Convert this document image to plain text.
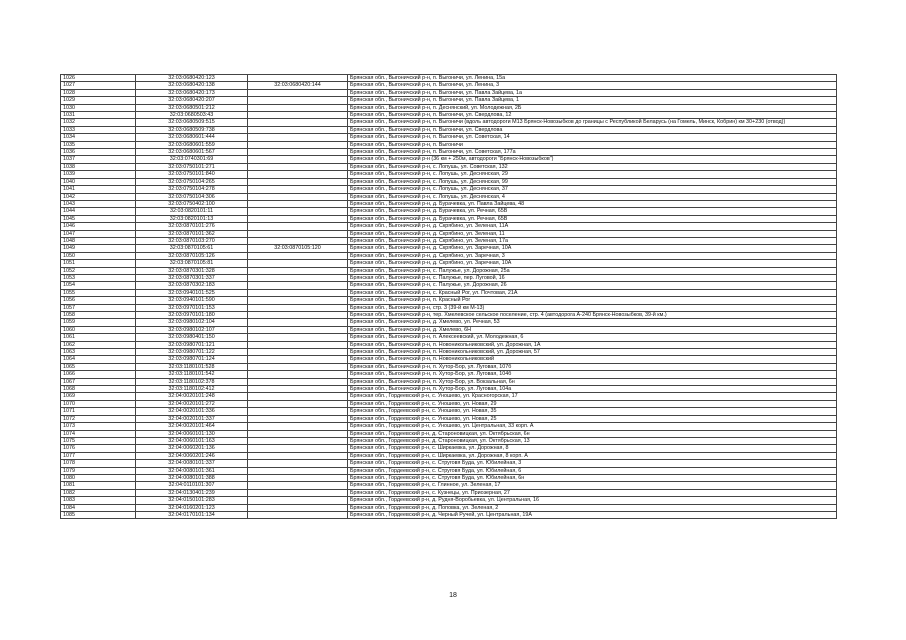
1026	32:03:0680420:123		Брянская обл., Выгоничский р-н, п. Выгоничи, ул. Ленина, 15а
1027	32:03:0680420:138	32:03:0680420:144	Брянская обл., Выгоничский р-н, п. Выгоничи, ул. Ленина, 3
1028	32:03:0680420:173		Брянская обл., Выгоничский р-н, п. Выгоничи, ул. Павла Зайцева, 1а
1029	32:03:0680420:207		Брянская обл., Выгоничский р-н, п. Выгоничи, ул. Павла Зайцева, 1
1030	32:03:0680501:212		Брянская обл., Выгоничский р-н, п. Деснянский, ул. Молодежная, 2Б
1031	32:03:0680503:43		Брянская обл., Выгоничский р-н, п. Выгоничи, ул. Свердлова, 12
1032	32:03:0680509:515		Брянская обл., Выгоничский р-н, п. Выгоничи (вдоль автодороги М13 Брянск-Новозыбков до границы с Республикой Беларусь (на Гомель, Минск, Кобрин) км 30+230 (отвод))
1033	32:03:0680509:738		Брянская обл., Выгоничский р-н, п. Выгоничи, ул. Свердлова
1034	32:03:0680601:444		Брянская обл., Выгоничский р-н, п. Выгоничи, ул. Советская, 14
1035	32:03:0680601:559		Брянская обл., Выгоничский р-н, п. Выгоничи
1036	32:03:0680601:567		Брянская обл., Выгоничский р-н, п. Выгоничи, ул. Советская, 177а
1037	32:03:0740301:69		Брянская обл., Выгоничский р-н (36 км + 250м, автодороги "Брянск-Новозыбков")
1038	32:03:0750101:271		Брянская обл., Выгоничский р-н, с. Лопушь, ул. Советская, 132
1039	32:03:0750101:840		Брянская обл., Выгоничский р-н, с. Лопушь, ул. Деснянская, 29
1040	32:03:0750104:265		Брянская обл., Выгоничский р-н, с. Лопушь, ул. Деснянская, 99
1041	32:03:0750104:278		Брянская обл., Выгоничский р-н, с. Лопушь, ул. Деснянская, 37
1042	32:03:0750104:306		Брянская обл., Выгоничский р-н, с. Лопушь, ул. Деснянская, 4
1043	32:03:0750402:100		Брянская обл., Выгоничский р-н, д. Бурачевка, ул. Павла Зайцева, 48
1044	32:03:0820101:11		Брянская обл., Выгоничский р-н, д. Бурачевка, ул. Речная, 65В
1045	32:03:0820101:13		Брянская обл., Выгоничский р-н, д. Бурачевка, ул. Речная, 65В
1046	32:03:0870101:276		Брянская обл., Выгоничский р-н, д. Скрябино, ул. Зеленая, 11А
1047	32:03:0870101:362		Брянская обл., Выгоничский р-н, д. Скрябино, ул. Зеленая, 11
1048	32:03:0870103:270		Брянская обл., Выгоничский р-н, д. Скрябино, ул. Зеленая, 17а
1049	32:03:0870105:61	32:03:0870105:120	Брянская обл., Выгоничский р-н, д. Скрябино, ул. Заречная, 10А
1050	32:03:0870105:126		Брянская обл., Выгоничский р-н, д. Скрябино, ул. Заречная, 3
1051	32:03:0870105:81		Брянская обл., Выгоничский р-н, д. Скрябино, ул. Заречная, 10А
1052	32:03:0870301:328		Брянская обл., Выгоничский р-н, с. Палужье, ул. Дорожная, 25а
1053	32:03:0870301:337		Брянская обл., Выгоничский р-н, с. Палужье, пер. Луговой, 16
1054	32:03:0870302:183		Брянская обл., Выгоничский р-н, с. Палужье, ул. Дорожная, 26
1055	32:03:0940101:525		Брянская обл., Выгоничский р-н, с. Красный Рог, ул. Почтовая, 21А
1056	32:03:0940101:590		Брянская обл., Выгоничский р-н, п. Красный Рог
1057	32:03:0970101:153		Брянская обл., Выгоничский р-н, стр. 3 (39-й км М-13)
1058	32:03:0970101:180		Брянская обл., Выгоничский р-н, тер. Хмелевское сельское поселение, стр. 4 (автодорога А-240 Брянск-Новозыбков, 39-й км.)
1059	32:03:0980102:104		Брянская обл., Выгоничский р-н, д. Хмелево, ул. Речная, 53
1060	32:03:0980102:107		Брянская обл., Выгоничский р-н, д. Хмелево, 6Н
1061	32:03:0980401:150		Брянская обл., Выгоничский р-н, п. Алексеевский, ул. Молодежная, 6
1062	32:03:0980701:121		Брянская обл., Выгоничский р-н, п. Новоникольниковский, ул. Дорожная, 1А
1063	32:03:0980701:122		Брянская обл., Выгоничский р-н, п. Новоникольниковский, ул. Дорожная, 57
1064	32:03:0980701:124		Брянская обл., Выгоничский р-н, п. Новоникольниковский
1065	32:03:1180101:528		Брянская обл., Выгоничский р-н, п. Хутор-Бор, ул. Луговая, 107б
1066	32:03:1180101:542		Брянская обл., Выгоничский р-н, п. Хутор-Бор, ул. Луговая, 104б
1067	32:03:1180102:378		Брянская обл., Выгоничский р-н, п. Хутор-Бор, ул. Вокзальная, 6н
1068	32:03:1180102:412		Брянская обл., Выгоничский р-н, п. Хутор-Бор, ул. Луговая, 104а
1069	32:04:0020101:248		Брянская обл., Гордеевский р-н, с. Уношево, ул. Красногорская, 17
1070	32:04:0020101:272		Брянская обл., Гордеевский р-н, с. Уношево, ул. Новая, 29
1071	32:04:0020101:336		Брянская обл., Гордеевский р-н, с. Уношево, ул. Новая, 35
1072	32:04:0020101:337		Брянская обл., Гордеевский р-н, с. Уношево, ул. Новая, 25
1073	32:04:0020101:464		Брянская обл., Гордеевский р-н, с. Уношево, ул. Центральная, 33 корп. А
1074	32:04:0060101:130		Брянская обл., Гордеевский р-н, д. Староновицкая, ул. Октябрьская, 6н
1075	32:04:0060101:163		Брянская обл., Гордеевский р-н, д. Староновицкая, ул. Октябрьская, 13
1076	32:04:0060201:136		Брянская обл., Гордеевский р-н, с. Ширкаевка, ул. Дорожная, 8
1077	32:04:0060201:246		Брянская обл., Гордеевский р-н, с. Ширкаевка, ул. Дорожная, 8 корп. А
1078	32:04:0080101:337		Брянская обл., Гордеевский р-н, с. Струговя Буда, ул. Юбилейная, 3
1079	32:04:0080101:361		Брянская обл., Гордеевский р-н, с. Струговя Буда, ул. Юбилейная, 6
1080	32:04:0080101:388		Брянская обл., Гордеевский р-н, с. Струговя Буда, ул. Юбилейная, 6н
1081	32:04:0110101:307		Брянская обл., Гордеевский р-н, с. Глинное, ул. Зеленая, 17
1082	32:04:0130401:239		Брянская обл., Гордеевский р-н, с. Кузнецы, ул. Приозерная, 27
1083	32:04:0150101:283		Брянская обл., Гордеевский р-н, д. Рудня-Воробьевка, ул. Центральная, 16
1084	32:04:0160201:123		Брянская обл., Гордеевский р-н, д. Поповка, ул. Зеленая, 2
1085	32:04:0170101:134		Брянская обл., Гордеевский р-н, д. Черный Ручей, ул. Центральная, 19А
18
